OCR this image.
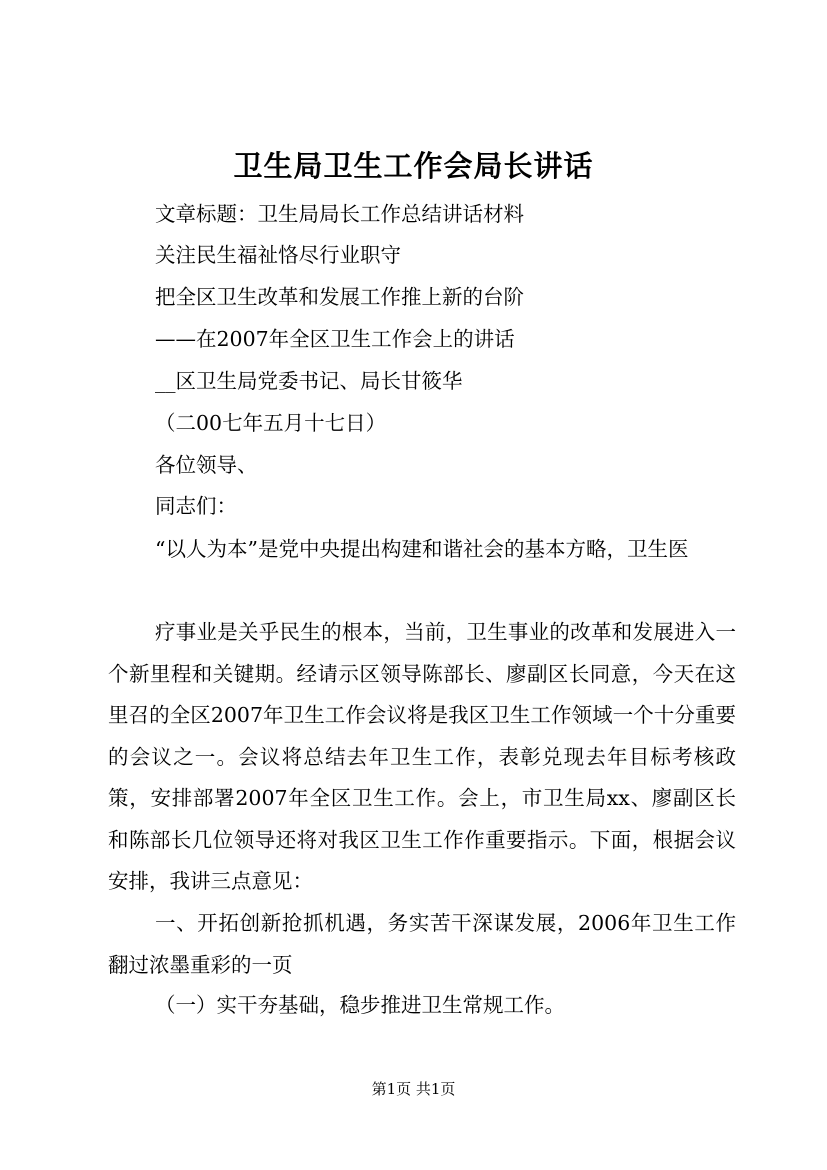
卫生局卫生工作会局长讲话
文章标题：卫生局局长工作总结讲话材料
关注民生福祉恪尽行业职守
把全区卫生改革和发展工作推上新的台阶
——在2007年全区卫生工作会上的讲话
__区卫生局党委书记、局长甘筱华
（二00七年五月十七日）
各位领导、
同志们：

“以人为本”是党中央提出构建和谐社会的基本方略，卫生医

疗事业是关乎民生的根本，当前，卫生事业的改革和发展进入一个新里程和关键期。经请示区领导陈部长、廖副区长同意，今天在这里召的全区2007年卫生工作会议将是我区卫生工作领域一个十分重要的会议之一。会议将总结去年卫生工作，表彰兑现去年目标考核政策，安排部署2007年全区卫生工作。会上，市卫生局xx、廖副区长和陈部长几位领导还将对我区卫生工作作重要指示。下面，根据会议安排，我讲三点意见：

一、开拓创新抢抓机遇，务实苦干深谋发展，2006年卫生工作翻过浓墨重彩的一页

（一）实干夯基础，稳步推进卫生常规工作。

第1页 共1页
